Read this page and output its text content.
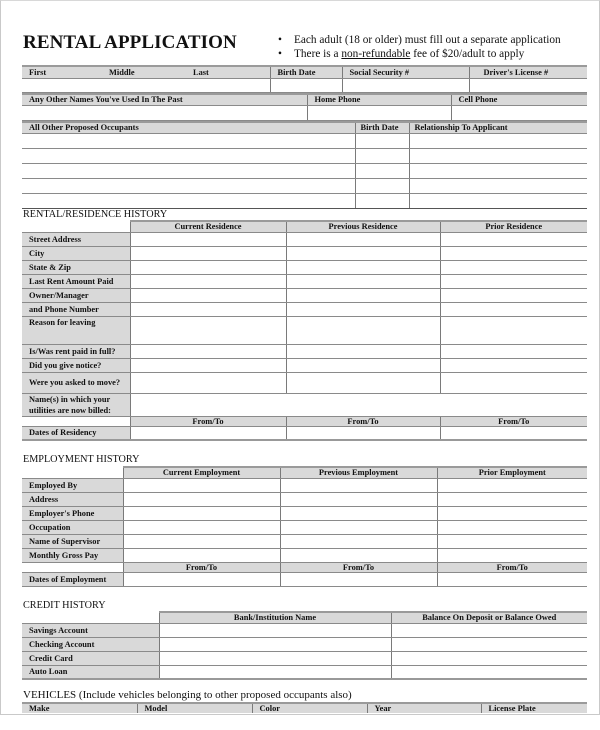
RENTAL APPLICATION	• Each adult (18 or older) must fill out a separate application
• There is a non-refundable fee of $20/adult to apply
First	Middle	Last	Birth Date	Social Security #	Driver's License #

Any Other Names You've Used In The Past	Home Phone	Cell Phone

All Other Proposed Occupants	Birth Date	Relationship To Applicant

RENTAL/RESIDENCE HISTORY
	Current Residence	Previous Residence	Prior Residence
Street Address			
City			
State & Zip			
Last Rent Amount Paid			
Owner/Manager			
and Phone Number			
Reason for leaving			
Is/Was rent paid in full?			
Did you give notice?			
Were you asked to move?			
Name(s) in which your utilities are now billed:			
	From/To	From/To	From/To
Dates of Residency			
EMPLOYMENT HISTORY
	Current Employment	Previous Employment	Prior Employment
Employed By			
Address			
Employer's Phone			
Occupation			
Name of Supervisor			
Monthly Gross Pay			
	From/To	From/To	From/To
Dates of Employment			
CREDIT HISTORY
	Bank/Institution Name	Balance On Deposit or Balance Owed
Savings Account		
Checking Account		
Credit Card		
Auto Loan		
VEHICLES (Include vehicles belonging to other proposed occupants also)
Make	Model	Color	Year	License Plate
